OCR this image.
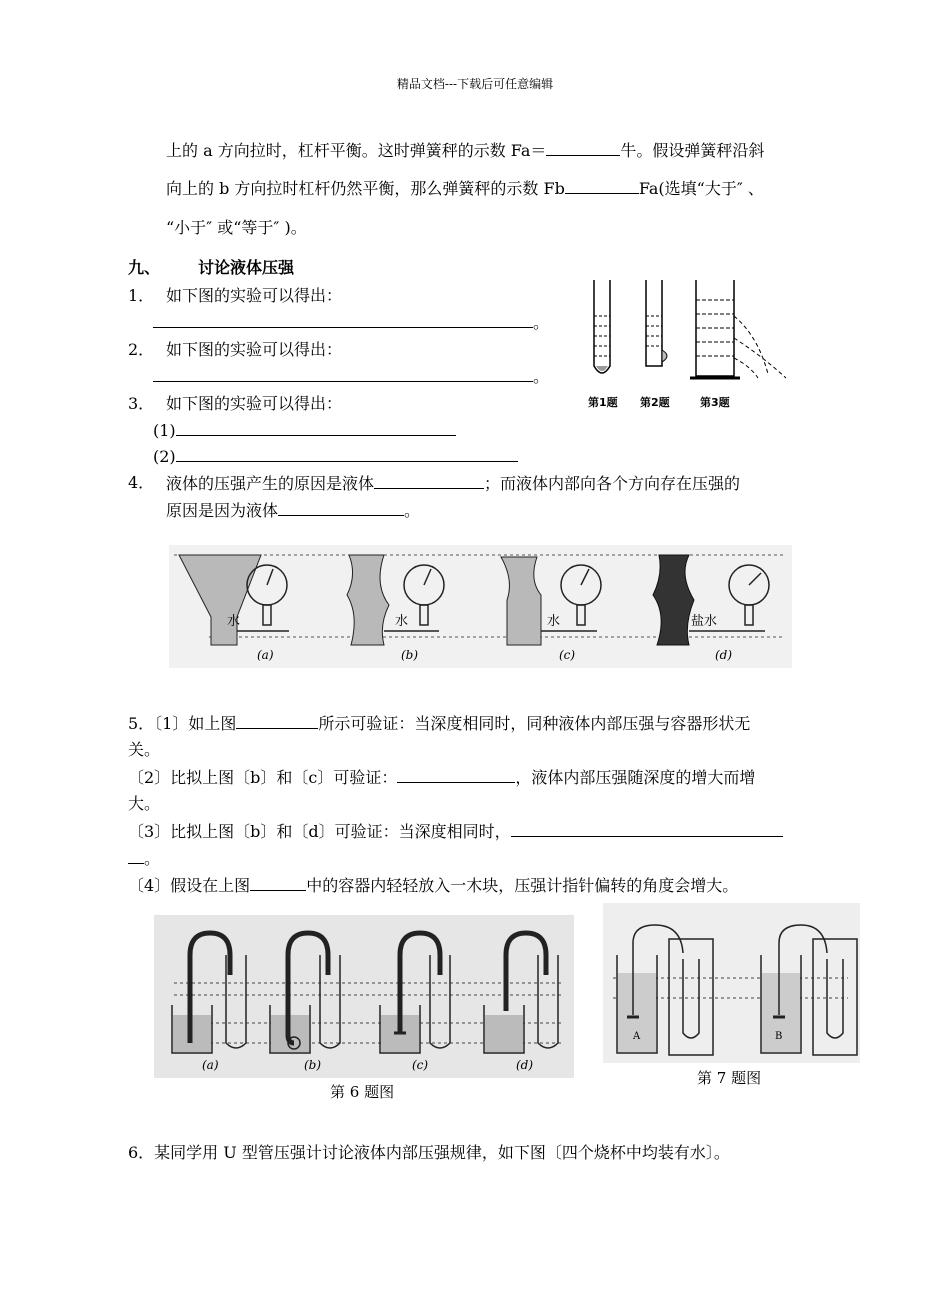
精品文档---下载后可任意编辑
上的 a 方向拉时，杠杆平衡。这时弹簧秤的示数 Fa＝	牛。假设弹簧秤沿斜
向上的 b 方向拉时杠杆仍然平衡，那么弹簧秤的示数 Fb	Fa(选填“大于″ 、
“小于″ 或“等于″ )。
九、 讨论液体压强
1． 如下图的实验可以得出：
。
2． 如下图的实验可以得出：
。
3． 如下图的实验可以得出：
(1)
(2)
4． 液体的压强产生的原因是液体	；而液体内部向各个方向存在压强的
原因是因为液体	。
第1题 第2题	第3题
水	水	水	盐水
(a)	(b)	(c)	(d)
5．〔1〕如上图	所示可验证：当深度相同时，同种液体内部压强与容器形状无
关。
〔2〕比拟上图〔b〕和〔c〕可验证：	，液体内部压强随深度的增大而增
大。
〔3〕比拟上图〔b〕和〔d〕可验证：当深度相同时，
。
〔4〕假设在上图	中的容器内轻轻放入一木块，压强计指针偏转的角度会增大。
(a)	(b)	(c)	(d)
第 6 题图
A	B
第 7 题图
6．某同学用 U 型管压强计讨论液体内部压强规律，如下图〔四个烧杯中均装有水〕。
